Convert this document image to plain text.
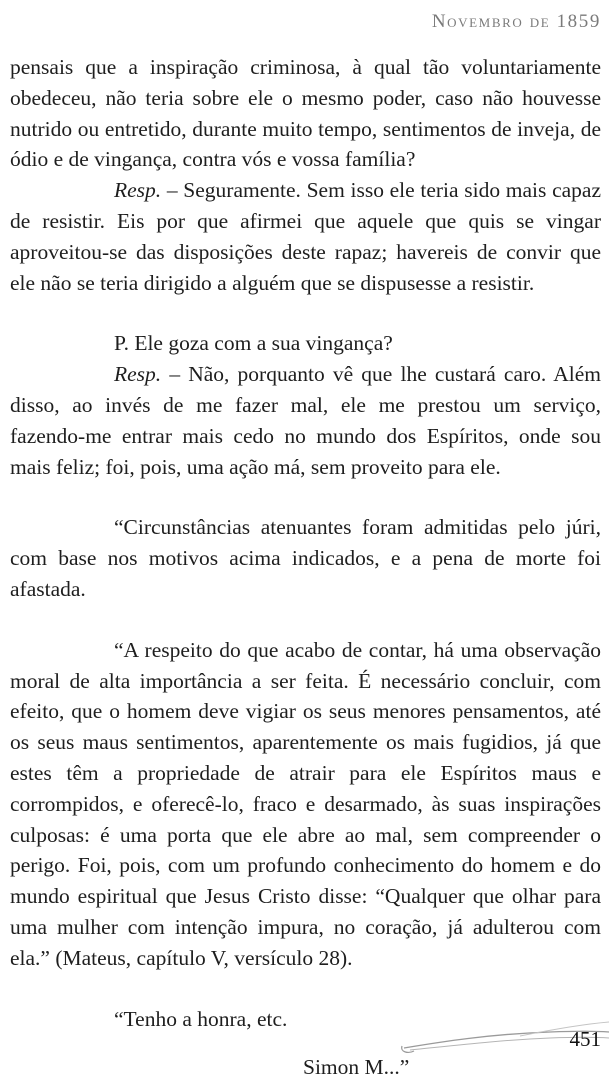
Novembro de 1859

pensais que a inspiração criminosa, à qual tão voluntariamente obedeceu, não teria sobre ele o mesmo poder, caso não houvesse nutrido ou entretido, durante muito tempo, sentimentos de inveja, de ódio e de vingança, contra vós e vossa família?

Resp. – Seguramente. Sem isso ele teria sido mais capaz de resistir. Eis por que afirmei que aquele que quis se vingar aproveitou-se das disposições deste rapaz; havereis de convir que ele não se teria dirigido a alguém que se dispusesse a resistir.

P. Ele goza com a sua vingança?

Resp. – Não, porquanto vê que lhe custará caro. Além disso, ao invés de me fazer mal, ele me prestou um serviço, fazendo-me entrar mais cedo no mundo dos Espíritos, onde sou mais feliz; foi, pois, uma ação má, sem proveito para ele.

“Circunstâncias atenuantes foram admitidas pelo júri, com base nos motivos acima indicados, e a pena de morte foi afastada.

“A respeito do que acabo de contar, há uma observação moral de alta importância a ser feita. É necessário concluir, com efeito, que o homem deve vigiar os seus menores pensamentos, até os seus maus sentimentos, aparentemente os mais fugidios, já que estes têm a propriedade de atrair para ele Espíritos maus e corrompidos, e oferecê-lo, fraco e desarmado, às suas inspirações culposas: é uma porta que ele abre ao mal, sem compreender o perigo. Foi, pois, com um profundo conhecimento do homem e do mundo espiritual que Jesus Cristo disse: “Qualquer que olhar para uma mulher com intenção impura, no coração, já adulterou com ela.” (Mateus, capítulo V, versículo 28).

“Tenho a honra, etc.

Simon M...”

451
